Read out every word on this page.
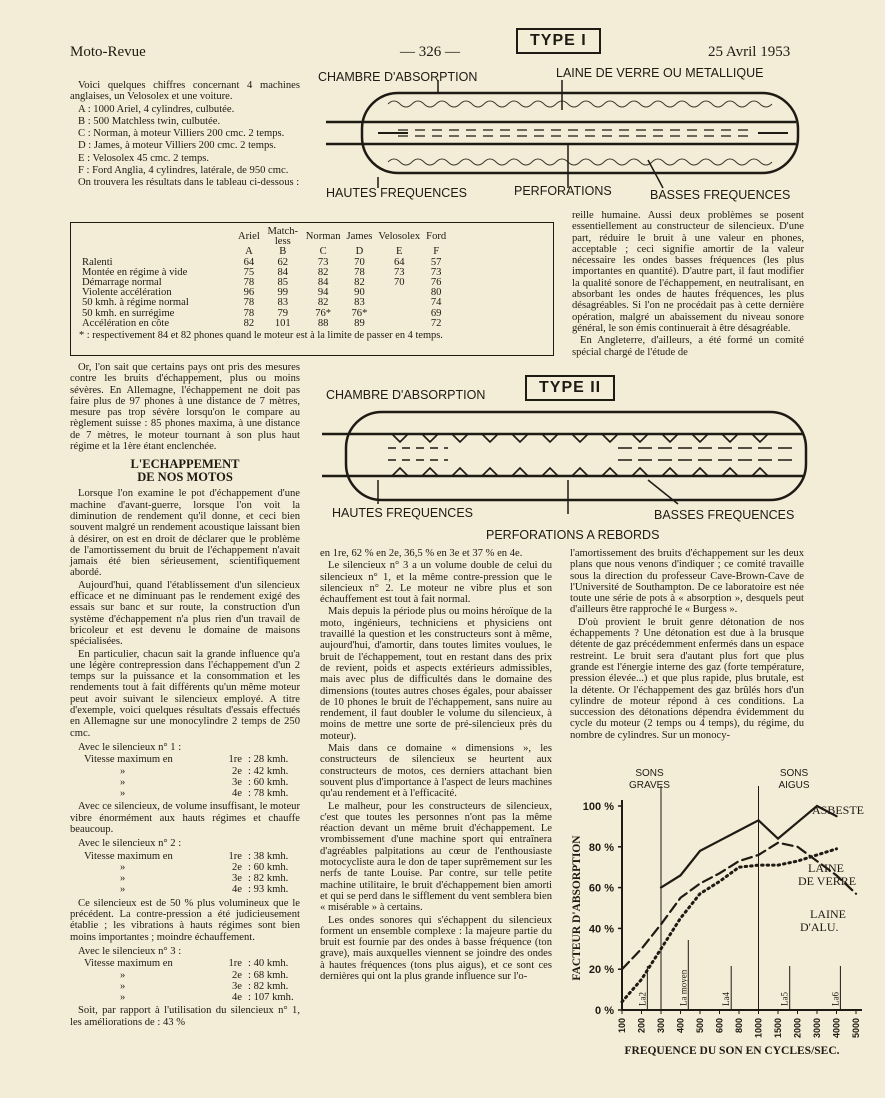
Moto-Revue	— 326 —	25 Avril 1953

Voici quelques chiffres concernant 4 machines anglaises, un Velosolex et une voiture.

A : 1000 Ariel, 4 cylindres, culbutée.

B : 500 Matchless twin, culbutée.

C : Norman, à moteur Villiers 200 cmc. 2 temps.

D : James, à moteur Villiers 200 cmc. 2 temps.

E : Velosolex 45 cmc. 2 temps.

F : Ford Anglia, 4 cylindres, latérale, de 950 cmc.

On trouvera les résultats dans le tableau ci-dessous :

TYPE I
CHAMBRE D'ABSORPTION	LAINE DE VERRE OU METALLIQUE
HAUTES FREQUENCES	PERFORATIONS	BASSES FREQUENCES
	Ariel	Match-less	Norman	James	Velosolex	Ford
	A	B	C	D	E	F
Ralenti	64	62	73	70	64	57
Montée en régime à vide	75	84	82	78	73	73
Démarrage normal	78	85	84	82	70	76
Violente accélération	96	99	94	90		80
50 kmh. à régime normal	78	83	82	83		74
50 kmh. en surrégime	78	79	76*	76*		69
Accélération en côte	82	101	88	89		72
* : respectivement 84 et 82 phones quand le moteur est à la limite de passer en 4 temps.

reille humaine. Aussi deux problèmes se posent essentiellement au constructeur de silencieux. D'une part, réduire le bruit à une valeur en phones, acceptable ; ceci signifie amortir de la valeur nécessaire les ondes basses fréquences (les plus importantes en quantité). D'autre part, il faut modifier la qualité sonore de l'échappement, en neutralisant, en absorbant les ondes de hautes fréquences, les plus désagréables. Si l'on ne procédait pas à cette dernière opération, malgré un abaissement du niveau sonore général, le son émis continuerait à être désagréable.

En Angleterre, d'ailleurs, a été formé un comité spécial chargé de l'étude de

TYPE II
CHAMBRE D'ABSORPTION
HAUTES FREQUENCES	BASSES FREQUENCES
PERFORATIONS A REBORDS

Or, l'on sait que certains pays ont pris des mesures contre les bruits d'échappement, plus ou moins sévères. En Allemagne, l'échappement ne doit pas faire plus de 97 phones à une distance de 7 mètres, mesure pas trop sévère lorsqu'on le compare au règlement suisse : 85 phones maxima, à une distance de 7 mètres, le moteur tournant à son plus haut régime et la 1ère étant enclenchée.

L'ECHAPPEMENT
DE NOS MOTOS

Lorsque l'on examine le pot d'échappement d'une machine d'avant-guerre, lorsque l'on voit la diminution de rendement qu'il donne, et ceci bien souvent malgré un rendement acoustique laissant bien à désirer, on est en droit de déclarer que le problème de l'amortissement du bruit de l'échappement n'avait jamais été bien sérieusement, scientifiquement abordé.

Aujourd'hui, quand l'établissement d'un silencieux efficace et ne diminuant pas le rendement exigé des essais sur banc et sur route, la construction d'un système d'échappement n'a plus rien d'un travail de bricoleur et est devenu le domaine de maisons spécialisées.

En particulier, chacun sait la grande influence qu'a une légère contrepression dans l'échappement d'un 2 temps sur la puissance et la consommation et les rendements tout à fait différents qu'un même moteur peut avoir suivant le silencieux employé. A titre d'exemple, voici quelques résultats d'essais effectués en Allemagne sur une monocylindre 2 temps de 250 cmc.

Avec le silencieux n° 1 :

Vitesse maximum en	1re : 28 kmh.
»	2e : 42 kmh.
»	3e : 60 kmh.
»	4e : 78 kmh.

Avec ce silencieux, de volume insuffisant, le moteur vibre énormément aux hauts régimes et chauffe beaucoup.

Avec le silencieux n° 2 :

Vitesse maximum en	1re : 38 kmh.
»	2e : 60 kmh.
»	3e : 82 kmh.
»	4e : 93 kmh.

Ce silencieux est de 50 % plus volumineux que le précédent. La contre-pression a été judicieusement établie ; les vibrations à hauts régimes sont bien moins importantes ; moindre échauffement.

Avec le silencieux n° 3 :

Vitesse maximum en	1re : 40 kmh.
»	2e : 68 kmh.
»	3e : 82 kmh.
»	4e : 107 kmh.

Soit, par rapport à l'utilisation du silencieux n° 1, les améliorations de : 43 %

en 1re, 62 % en 2e, 36,5 % en 3e et 37 % en 4e.

Le silencieux n° 3 a un volume double de celui du silencieux n° 1, et la même contre-pression que le silencieux n° 2. Le moteur ne vibre plus et son échauffement est tout à fait normal.

Mais depuis la période plus ou moins héroïque de la moto, ingénieurs, techniciens et physiciens ont travaillé la question et les constructeurs sont à même, aujourd'hui, d'amortir, dans toutes limites voulues, le bruit de l'échappement, tout en restant dans des prix de revient, poids et aspects extérieurs admissibles, mais avec plus de difficultés dans le domaine des dimensions (toutes autres choses égales, pour abaisser de 10 phones le bruit de l'échappement, sans nuire au rendement, il faut doubler le volume du silencieux, à moins de mettre une sorte de pré-silencieux près du moteur).

Mais dans ce domaine « dimensions », les constructeurs de silencieux se heurtent aux constructeurs de motos, ces derniers attachant bien souvent plus d'importance à l'aspect de leurs machines qu'au rendement et à l'efficacité.

Le malheur, pour les constructeurs de silencieux, c'est que toutes les personnes n'ont pas la même réaction devant un même bruit d'échappement. Le vrombissement d'une machine sport qui entraînera d'agréables palpitations au cœur de l'enthousiaste motocycliste aura le don de taper suprêmement sur les nerfs de tante Louise. Par contre, sur telle petite machine utilitaire, le bruit d'échappement bien amorti et qui se perd dans le sifflement du vent semblera bien « misérable » à certains.

Les ondes sonores qui s'échappent du silencieux forment un ensemble complexe : la majeure partie du bruit est fournie par des ondes à basse fréquence (ton grave), mais auxquelles viennent se joindre des ondes à hautes fréquences (tons plus aigus), et ce sont ces dernières qui ont la plus grande influence sur l'o-

l'amortissement des bruits d'échappement sur les deux plans que nous venons d'indiquer ; ce comité travaille sous la direction du professeur Cave-Brown-Cave de l'Université de Southampton. De ce laboratoire est née toute une série de pots à « absorption », desquels peut d'ailleurs être rapproché le « Burgess ».

D'où provient le bruit genre détonation de nos échappements ? Une détonation est due à la brusque détente de gaz précédemment enfermés dans un espace restreint. Le bruit sera d'autant plus fort que plus grande est l'énergie interne des gaz (forte température, pression élevée...) et que plus rapide, plus brutale, est la détente. Or l'échappement des gaz brûlés hors d'un cylindre de moteur répond à ces conditions. La succession des détonations dépendra évidemment du cycle du moteur (2 temps ou 4 temps), du régime, du nombre de cylindres. Sur un monocy-

0 %
20 %
40 %
60 %
80 %
100 %
100 200 300 400 500 600 800 1000 1500 2000 3000 4000 5000
La2	La moyen	La4	La5	La6
SONS
GRAVES
SONS
AIGUS
ASBESTE
LAINE
DE VERRE
LAINE
D'ALU.
FACTEUR D'ABSORPTION
FREQUENCE DU SON EN CYCLES/SEC.
